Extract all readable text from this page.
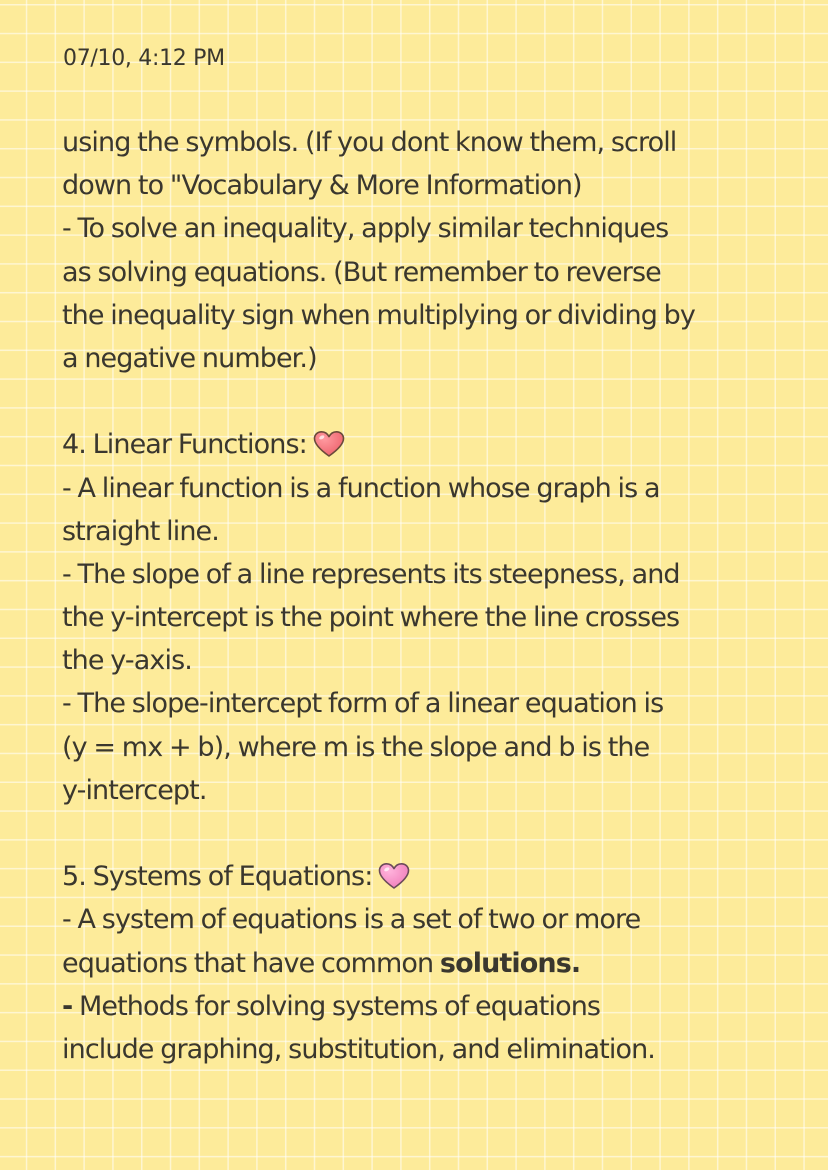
07/10, 4:12 PM
using the symbols. (If you dont know them, scroll
down to "Vocabulary & More Information)
- To solve an inequality, apply similar techniques
as solving equations. (But remember to reverse
the inequality sign when multiplying or dividing by
a negative number.)
4. Linear Functions:
- A linear function is a function whose graph is a
straight line.
- The slope of a line represents its steepness, and
the y-intercept is the point where the line crosses
the y-axis.
- The slope-intercept form of a linear equation is
(y = mx + b), where m is the slope and b is the
y-intercept.
5. Systems of Equations:
- A system of equations is a set of two or more
equations that have common solutions.
- Methods for solving systems of equations
include graphing, substitution, and elimination.
